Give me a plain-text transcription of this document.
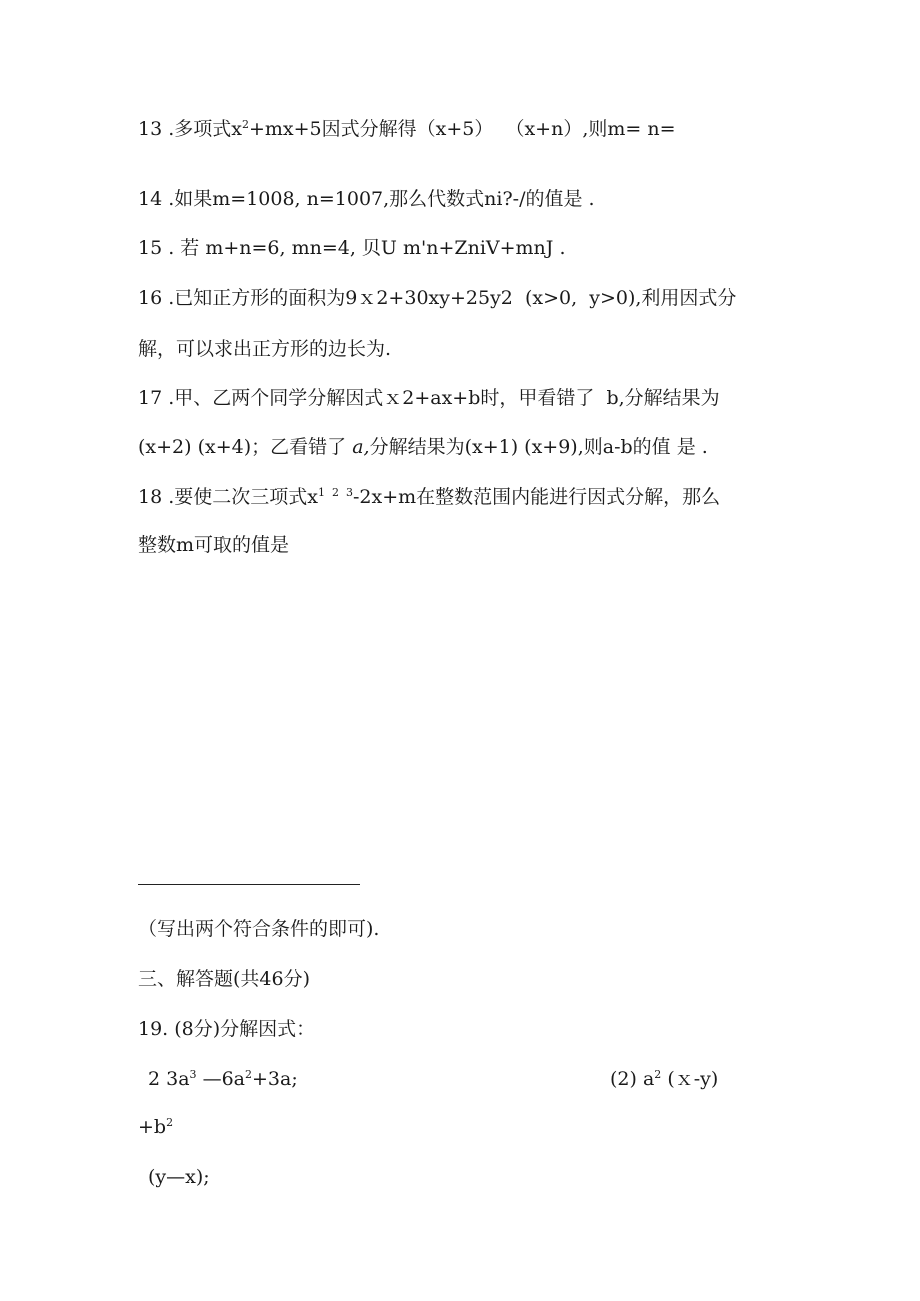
13 .多项式$x^2+mx+5$因式分解得（x+5）  （x+n）,则m= n=
14 .如果m=1008, n=1007,那么代数式ni?-/的值是 .
15 . 若 m+n=6, mn=4, 贝U m'n+ZniV+mnJ .
16 .已知正方形的面积为9ｘ2+30xy+25y2  (x>0,  y>0),利用因式分
解，可以求出正方形的边长为.
17 .甲、乙两个同学分解因式ｘ2+ax+b时，甲看错了  b,分解结果为
(x+2) (x+4)；乙看错了 a,分解结果为(x+1) (x+9),则a-b的值 是 .
18 .要使二次三项式$x^{1 2 3}-2x+m$在整数范围内能进行因式分解，那么
整数m可取的值是
（写出两个符合条件的即可).
三、解答题(共46分)
19. (8分)分解因式：
2 $3a^3$ $—6a^2+3a$;	(2) $a^2$ (ｘ-y)
$+b^2$
(y—x);
